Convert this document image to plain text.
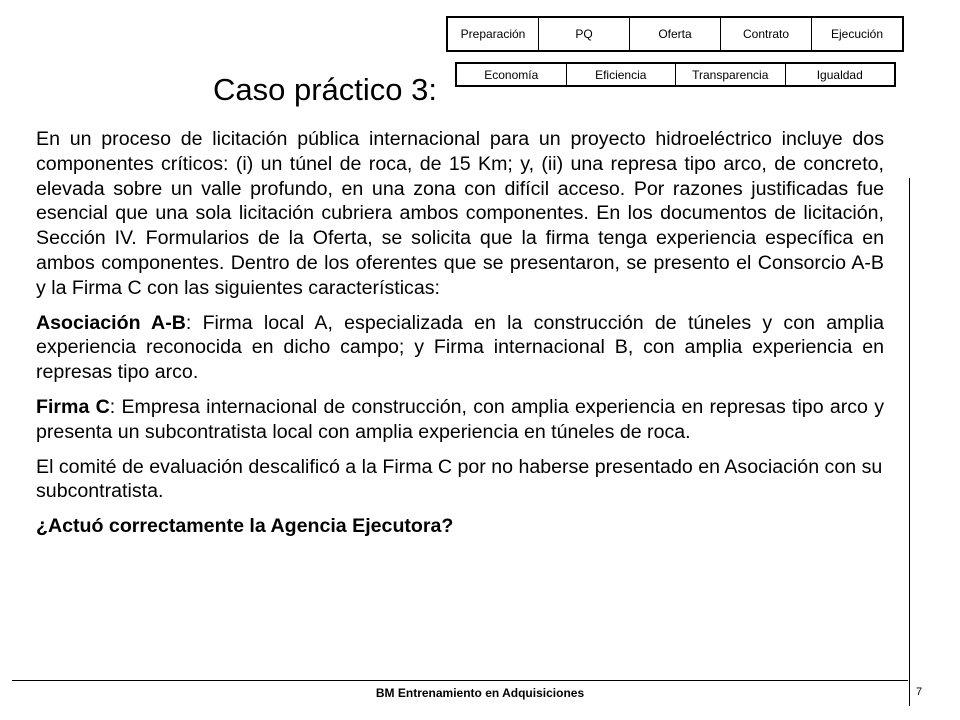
Preparación	PQ	Oferta	Contrato	Ejecución
Economía	Eficiencia	Transparencia	Igualdad
Caso práctico 3:

En un proceso de licitación pública internacional para un proyecto hidroeléctrico incluye dos componentes críticos: (i) un túnel de roca, de 15 Km; y, (ii) una represa tipo arco, de concreto, elevada sobre un valle profundo, en una zona con difícil acceso. Por razones justificadas fue esencial que una sola licitación cubriera ambos componentes. En los documentos de licitación, Sección IV. Formularios de la Oferta, se solicita que la firma tenga experiencia específica en ambos componentes. Dentro de los oferentes que se presentaron, se presento el Consorcio A-B y la Firma C con las siguientes características:

Asociación A-B: Firma local A, especializada en la construcción de túneles y con amplia experiencia reconocida en dicho campo; y Firma internacional B, con amplia experiencia en represas tipo arco.

Firma C: Empresa internacional de construcción, con amplia experiencia en represas tipo arco y presenta un subcontratista local con amplia experiencia en túneles de roca.

El comité de evaluación descalificó a la Firma C por no haberse presentado en Asociación con su subcontratista.

¿Actuó correctamente la Agencia Ejecutora?

BM Entrenamiento en Adquisiciones	7
